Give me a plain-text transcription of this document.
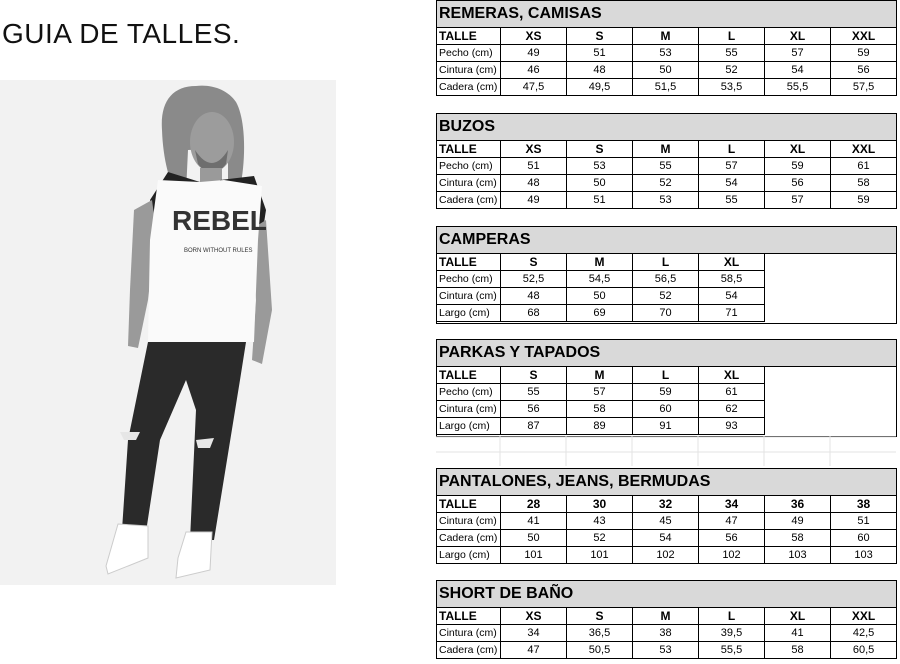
GUIA DE TALLES.
REBEL
BORN WITHOUT RULES
REMERAS, CAMISAS						
TALLE	XS	S	M	L	XL	XXL
Pecho (cm)	49	51	53	55	57	59
Cintura (cm)	46	48	50	52	54	56
Cadera (cm)	47,5	49,5	51,5	53,5	55,5	57,5
BUZOS						
TALLE	XS	S	M	L	XL	XXL
Pecho (cm)	51	53	55	57	59	61
Cintura (cm)	48	50	52	54	56	58
Cadera (cm)	49	51	53	55	57	59
CAMPERAS						
TALLE	S	M	L	XL		
Pecho (cm)	52,5	54,5	56,5	58,5		
Cintura (cm)	48	50	52	54		
Largo (cm)	68	69	70	71		
PARKAS Y TAPADOS						
TALLE	S	M	L	XL		
Pecho (cm)	55	57	59	61		
Cintura (cm)	56	58	60	62		
Largo (cm)	87	89	91	93		
PANTALONES, JEANS, BERMUDAS						
TALLE	28	30	32	34	36	38
Cintura (cm)	41	43	45	47	49	51
Cadera (cm)	50	52	54	56	58	60
Largo (cm)	101	101	102	102	103	103
SHORT DE BAÑO						
TALLE	XS	S	M	L	XL	XXL
Cintura (cm)	34	36,5	38	39,5	41	42,5
Cadera (cm)	47	50,5	53	55,5	58	60,5
